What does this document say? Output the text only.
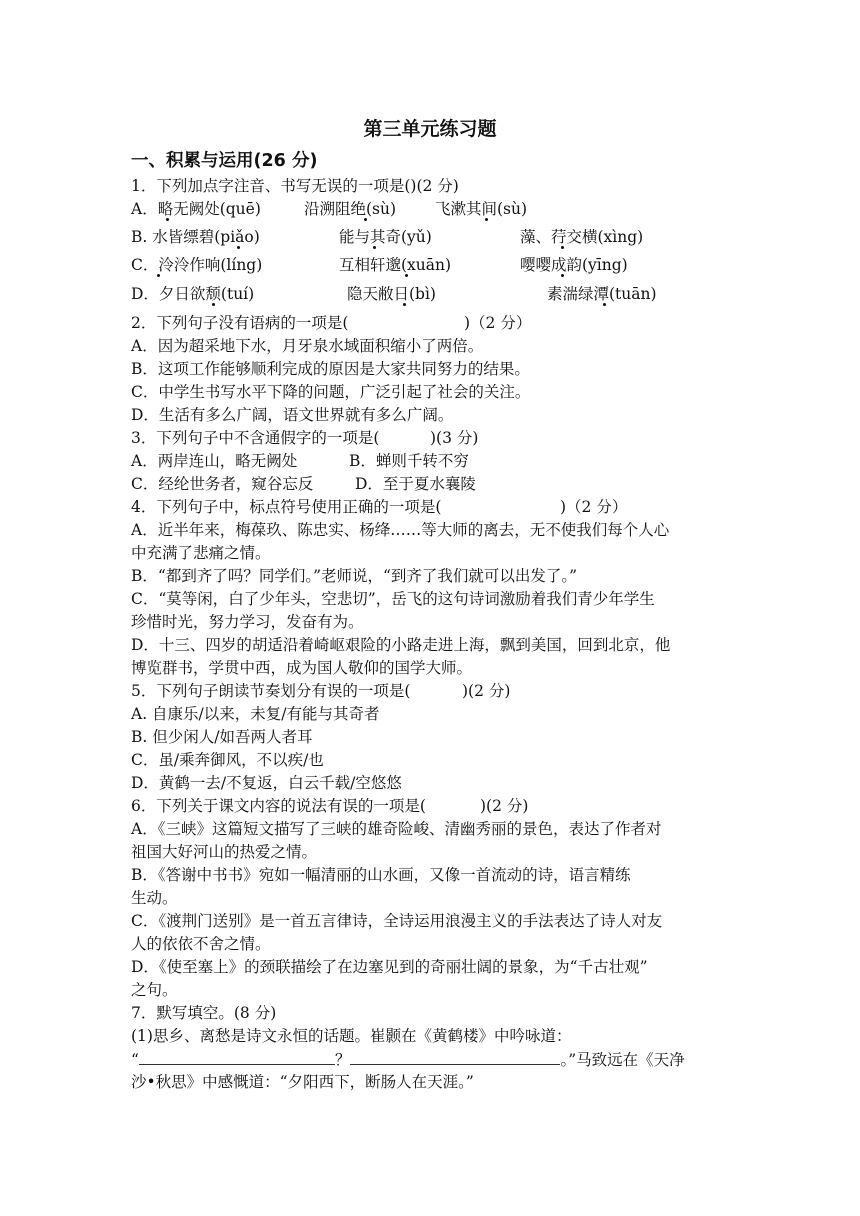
第三单元练习题
一、积累与运用(26 分)
1．下列加点字注音、书写无误的一项是()(2 分)
A．略无阙处(quē)	沿溯阻绝(sù)	飞漱其间(sù)
B. 水皆缥碧(piǎo)	能与其奇(yǔ)	藻、荇交横(xìng)
C．泠泠作响(líng)	互相轩邈(xuān)	嘤嘤成韵(yīng)
D．夕日欲颓(tuí)	隐天敝日(bì)	素湍绿潭(tuān)
2．下列句子没有语病的一项是(	)（2 分）
A．因为超采地下水，月牙泉水域面积缩小了两倍。
B．这项工作能够顺利完成的原因是大家共同努力的结果。
C．中学生书写水平下降的问题，广泛引起了社会的关注。
D．生活有多么广阔，语文世界就有多么广阔。
3．下列句子中不含通假字的一项是(	)(3 分)
A．两岸连山，略无阙处	B．蝉则千转不穷
C．经纶世务者，窥谷忘反	D．至于夏水襄陵
4．下列句子中，标点符号使用正确的一项是(	)（2 分）
A．近半年来，梅葆玖、陈忠实、杨绛……等大师的离去，无不使我们每个人心
中充满了悲痛之情。
B．“都到齐了吗？同学们。”老师说，“到齐了我们就可以出发了。”
C．“莫等闲，白了少年头，空悲切”，岳飞的这句诗词激励着我们青少年学生
珍惜时光，努力学习，发奋有为。
D．十三、四岁的胡适沿着崎岖艰险的小路走进上海，飘到美国，回到北京，他
博览群书，学贯中西，成为国人敬仰的国学大师。
5．下列句子朗读节奏划分有误的一项是(	)(2 分)
A. 自康乐/以来，未复/有能与其奇者
B. 但少闲人/如吾两人者耳
C．虽/乘奔御风，不以疾/也
D．黄鹤一去/不复返，白云千载/空悠悠
6．下列关于课文内容的说法有误的一项是(	)(2 分)
A．《三峡》这篇短文描写了三峡的雄奇险峻、清幽秀丽的景色，表达了作者对
祖国大好河山的热爱之情。
B．《答谢中书书》宛如一幅清丽的山水画，又像一首流动的诗，语言精练
生动。
C．《渡荆门送别》是一首五言律诗，全诗运用浪漫主义的手法表达了诗人对友
人的依依不舍之情。
D．《使至塞上》的颈联描绘了在边塞见到的奇丽壮阔的景象，为“千古壮观”
之句。
7．默写填空。(8 分)
(1)思乡、离愁是诗文永恒的话题。崔颢在《黄鹤楼》中吟咏道：
“	？	。”马致远在《天净
沙•秋思》中感慨道：“夕阳西下，断肠人在天涯。”
